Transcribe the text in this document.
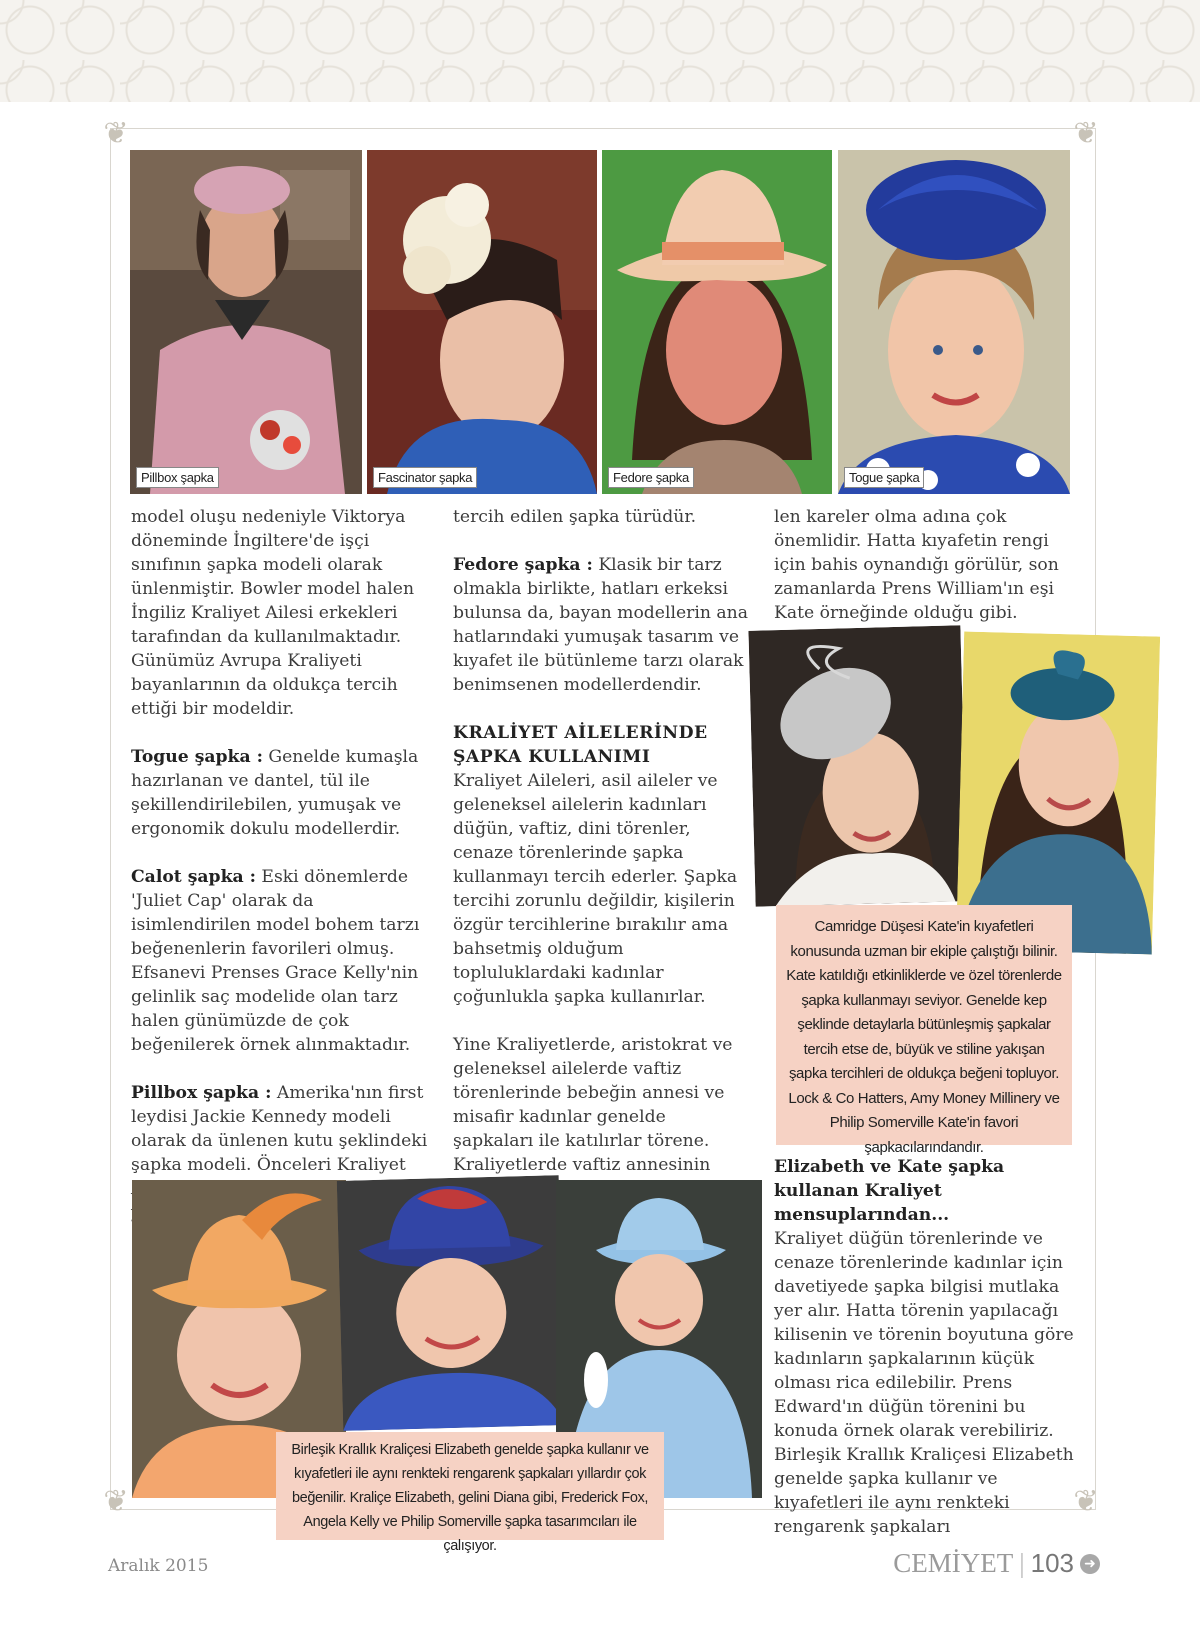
❦	❦
❦	❦
Pillbox şapka	Fascinator şapka	Fedore şapka	Togue şapka

model oluşu nedeniyle Viktorya döneminde İngiltere'de işçi sınıfının şapka modeli olarak ünlenmiştir. Bowler model halen İngiliz Kraliyet Ailesi erkekleri tarafından da kullanılmaktadır. Günümüz Avrupa Kraliyeti bayanlarının da oldukça tercih ettiği bir modeldir.

Togue şapka : Genelde kumaşla hazırlanan ve dantel, tül ile şekillendirilebilen, yumuşak ve ergonomik dokulu modellerdir.

Calot şapka : Eski dönemlerde 'Juliet Cap' olarak da isimlendirilen model bohem tarzı beğenenlerin favorileri olmuş. Efsanevi Prenses Grace Kelly'nin gelinlik saç modelide olan tarz halen günümüzde de çok beğenilerek örnek alınmaktadır.

Pillbox şapka : Amerika'nın first leydisi Jackie Kennedy modeli olarak da ünlenen kutu şeklindeki şapka modeli. Önceleri Kraliyet

tercih edilen şapka türüdür.

Fedore şapka : Klasik bir tarz olmakla birlikte, hatları erkeksi bulunsa da, bayan modellerin ana hatlarındaki yumuşak tasarım ve kıyafet ile bütünleme tarzı olarak benimsenen modellerdendir.

KRALİYET AİLELERİNDE
ŞAPKA KULLANIMI

Kraliyet Aileleri, asil aileler ve geleneksel ailelerin kadınları düğün, vaftiz, dini törenler, cenaze törenlerinde şapka kullanmayı tercih ederler. Şapka tercihi zorunlu değildir, kişilerin özgür tercihlerine bırakılır ama bahsetmiş olduğum topluluklardaki kadınlar çoğunlukla şapka kullanırlar.

Yine Kraliyetlerde, aristokrat ve geleneksel ailelerde vaftiz törenlerinde bebeğin annesi ve misafir kadınlar genelde şapkaları ile katılırlar törene. Kraliyetlerde vaftiz annesinin

len kareler olma adına çok önemlidir. Hatta kıyafetin rengi için bahis oynandığı görülür, son zamanlarda Prens William'ın eşi Kate örneğinde olduğu gibi.

Camridge Düşesi Kate'in kıyafetleri konusunda uzman bir ekiple çalıştığı bilinir. Kate katıldığı etkinliklerde ve özel törenlerde şapka kullanmayı seviyor. Genelde kep şeklinde detaylarla bütünleşmiş şapkalar tercih etse de, büyük ve stiline yakışan şapka tercihleri de oldukça beğeni topluyor. Lock & Co Hatters, Amy Money Millinery ve Philip Somerville Kate'in favori şapkacılarındandır.
Elizabeth ve Kate şapka kullanan Kraliyet mensuplarından...

Kraliyet düğün törenlerinde ve cenaze törenlerinde kadınlar için davetiyede şapka bilgisi mutlaka yer alır. Hatta törenin yapılacağı kilisenin ve törenin boyutuna göre kadınların şapkalarının küçük olması rica edilebilir. Prens Edward'ın düğün törenini bu konuda örnek olarak verebiliriz.

Birleşik Krallık Kraliçesi Elizabeth genelde şapka kullanır ve kıyafetleri ile aynı renkteki rengarenk şapkaları

Birleşik Krallık Kraliçesi Elizabeth genelde şapka kullanır ve kıyafetleri ile aynı renkteki rengarenk şapkaları yıllardır çok beğenilir. Kraliçe Elizabeth, gelini Diana gibi, Frederick Fox, Angela Kelly ve Philip Somerville şapka tasarımcıları ile çalışıyor.
Aralık 2015	CEMİYET | 103 ➜
